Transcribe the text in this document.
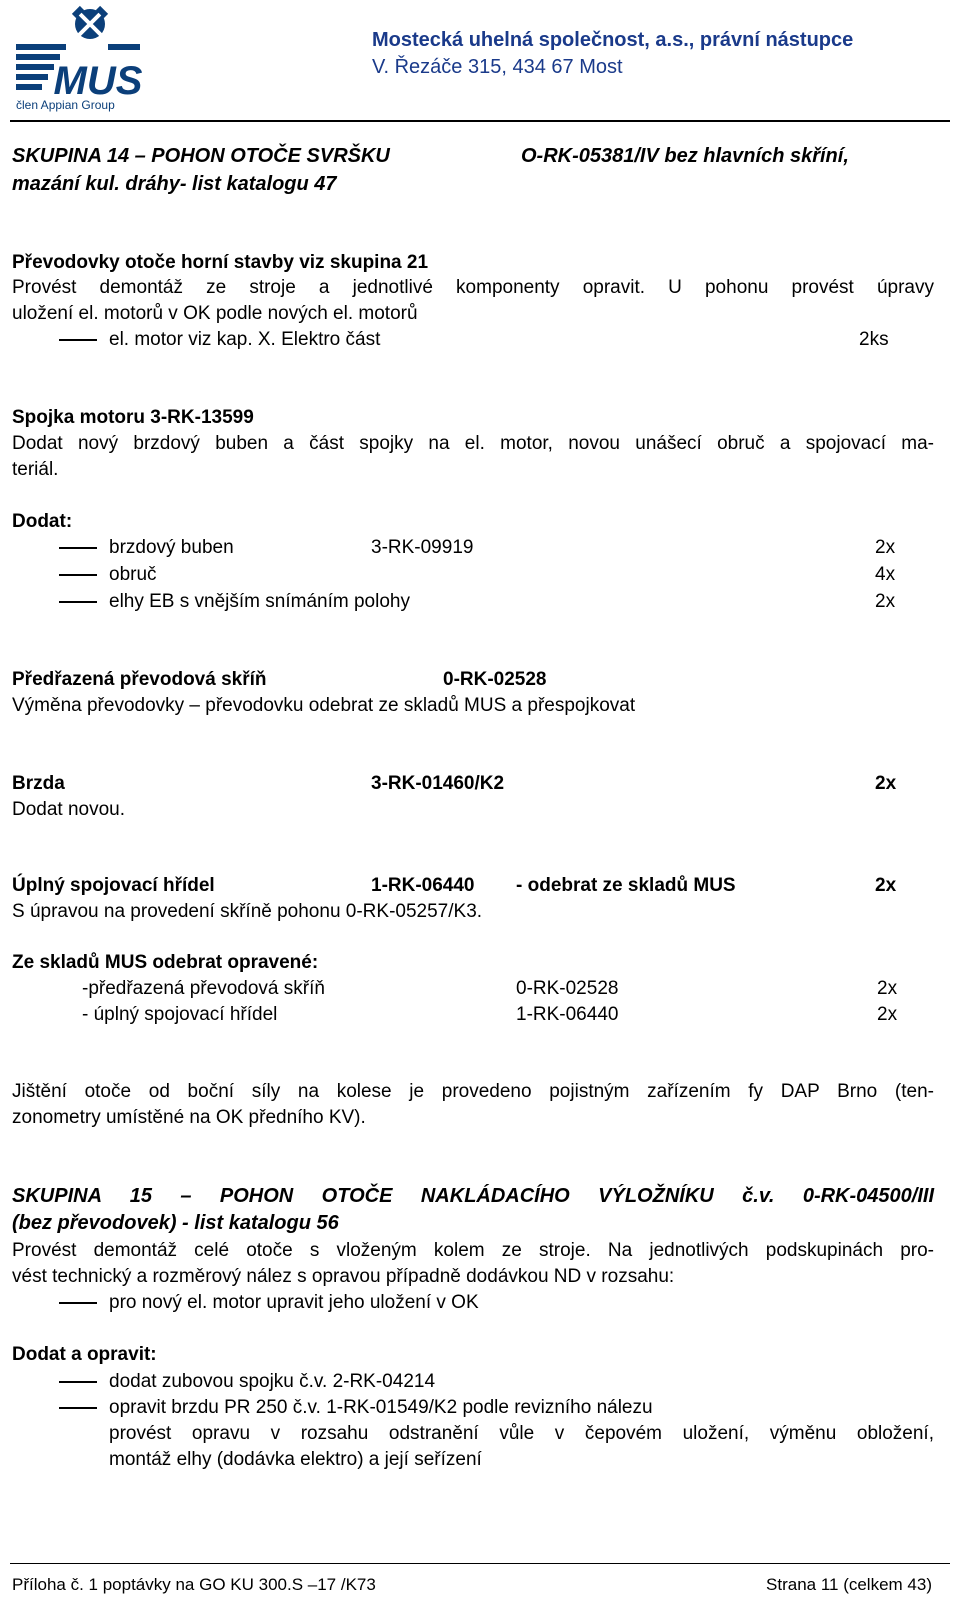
MUS
člen Appian Group
Mostecká uhelná společnost, a.s., právní nástupce
V. Řezáče 315, 434 67 Most
SKUPINA 14 – POHON OTOČE SVRŠKU	O-RK-05381/IV bez hlavních skříní,
mazání kul. dráhy- list katalogu 47
Převodovky otoče horní stavby viz skupina 21
Provést demontáž ze stroje a jednotlivé komponenty opravit. U pohonu provést úpravy
uložení el. motorů v OK podle nových el. motorů
el. motor viz kap. X. Elektro část	2ks
Spojka motoru 3-RK-13599
Dodat nový brzdový buben a část spojky na el. motor, novou unášecí obruč a spojovací ma-
teriál.
Dodat:
brzdový buben	3-RK-09919	2x
obruč	4x
elhy EB s vnějším snímáním polohy	2x
Předřazená převodová skříň	0-RK-02528
Výměna převodovky – převodovku odebrat ze skladů MUS a přespojkovat
Brzda	3-RK-01460/K2	2x
Dodat novou.
Úplný spojovací hřídel	1-RK-06440 - odebrat ze skladů MUS	2x
S úpravou na provedení skříně pohonu 0-RK-05257/K3.
Ze skladů MUS odebrat opravené:
-předřazená převodová skříň	0-RK-02528	2x
- úplný spojovací hřídel	1-RK-06440	2x
Jištění otoče od boční síly na kolese je provedeno pojistným zařízením fy DAP Brno (ten-
zonometry umístěné na OK předního KV).
SKUPINA 15 – POHON OTOČE NAKLÁDACÍHO VÝLOŽNÍKU č.v. 0-RK-04500/III
(bez převodovek) - list katalogu 56
Provést demontáž celé otoče s vloženým kolem ze stroje. Na jednotlivých podskupinách pro-
vést technický a rozměrový nález s opravou případně dodávkou ND v rozsahu:
pro nový el. motor upravit jeho uložení v OK
Dodat a opravit:
dodat zubovou spojku č.v. 2-RK-04214
opravit brzdu PR 250 č.v. 1-RK-01549/K2 podle revizního nálezu
provést opravu v rozsahu odstranění vůle v čepovém uložení, výměnu obložení,
montáž elhy (dodávka elektro) a její seřízení
Příloha č. 1 poptávky na GO KU 300.S –17 /K73	Strana 11 (celkem 43)
